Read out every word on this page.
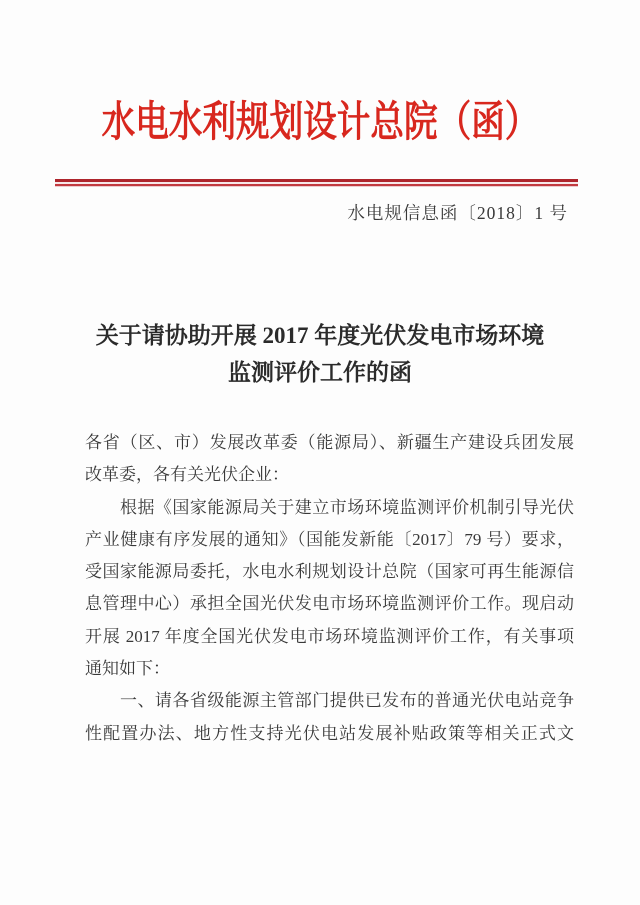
水电水利规划设计总院（函）
水电规信息函〔2018〕1 号
关于请协助开展 2017 年度光伏发电市场环境
监测评价工作的函
各省（区、市）发展改革委（能源局）、新疆生产建设兵团发展
改革委，各有关光伏企业：
　　根据《国家能源局关于建立市场环境监测评价机制引导光伏
产业健康有序发展的通知》（国能发新能〔2017〕79 号）要求，
受国家能源局委托，水电水利规划设计总院（国家可再生能源信
息管理中心）承担全国光伏发电市场环境监测评价工作。现启动
开展 2017 年度全国光伏发电市场环境监测评价工作，有关事项
通知如下：
　　一、请各省级能源主管部门提供已发布的普通光伏电站竞争
性配置办法、地方性支持光伏电站发展补贴政策等相关正式文
